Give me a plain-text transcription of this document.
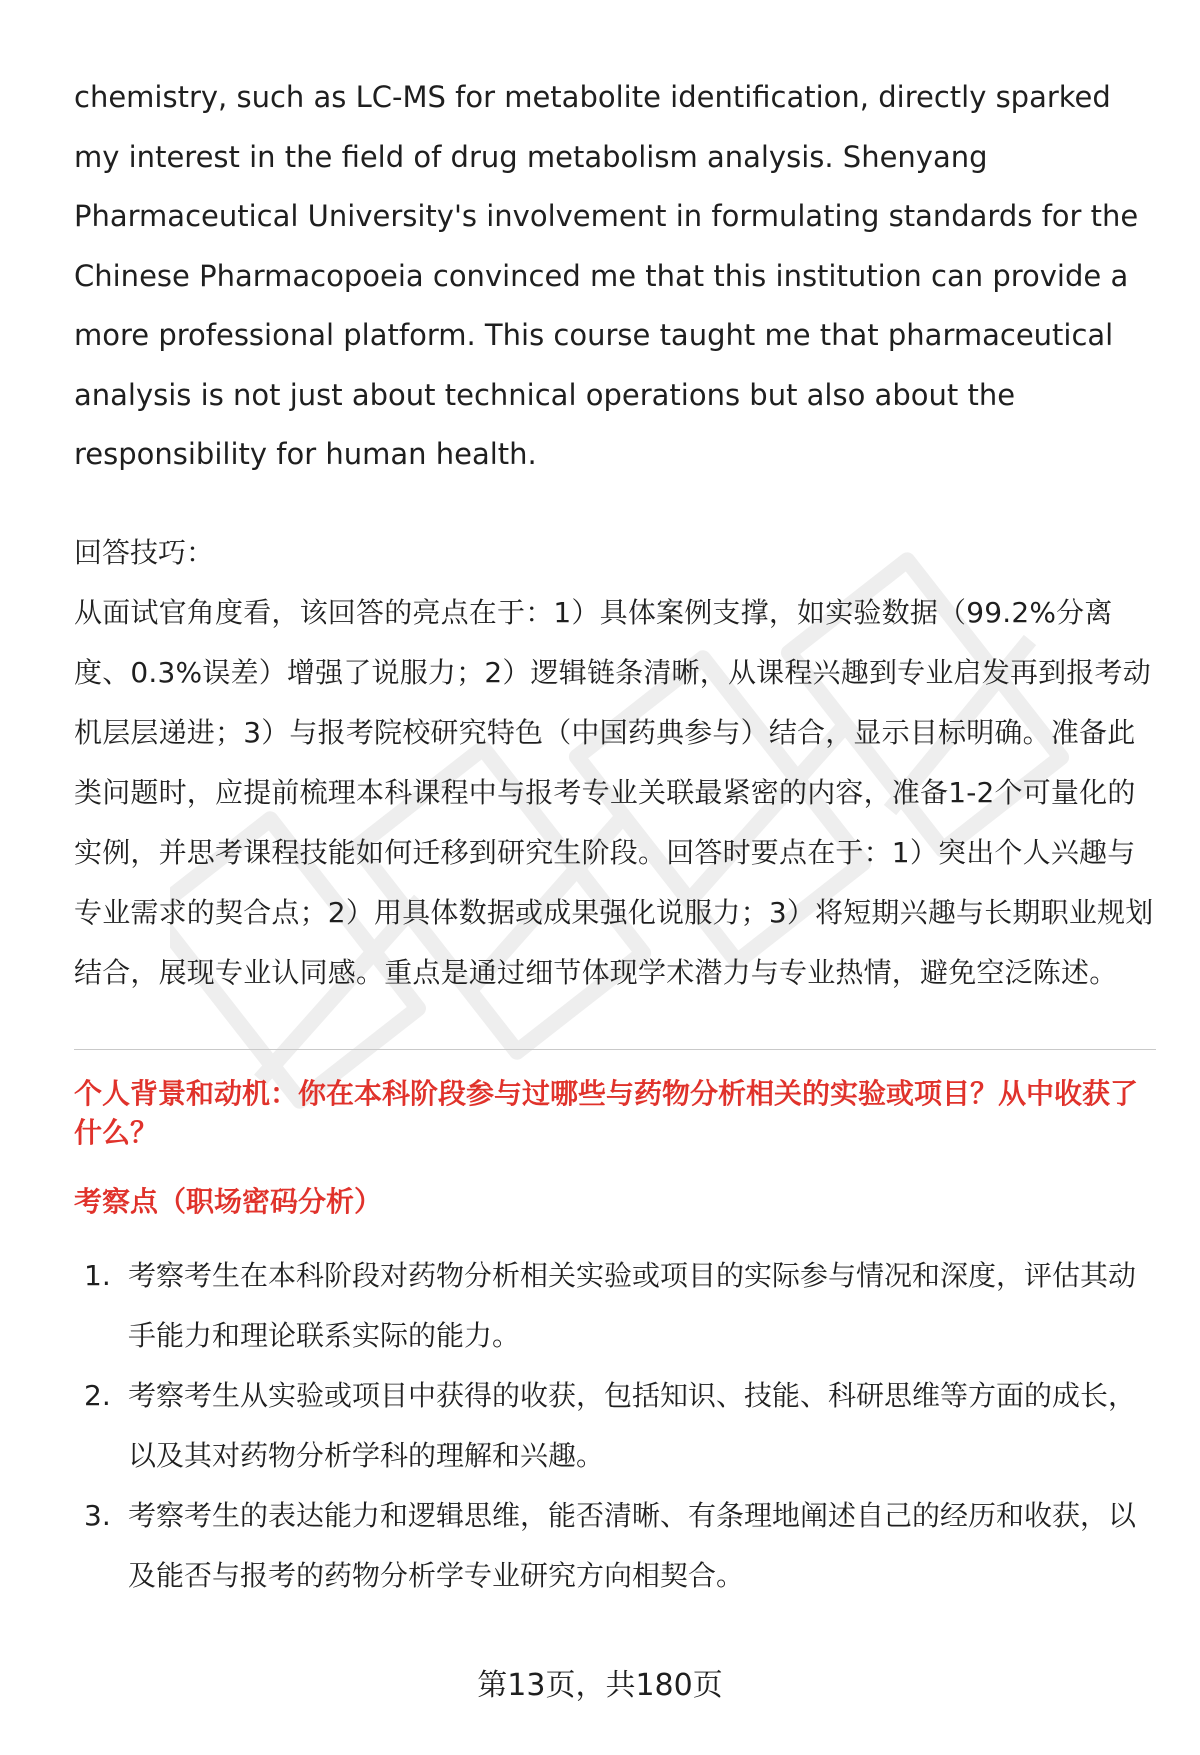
chemistry, such as LC-MS for metabolite identification, directly sparked my interest in the field of drug metabolism analysis. Shenyang Pharmaceutical University's involvement in formulating standards for the Chinese Pharmacopoeia convinced me that this institution can provide a more professional platform. This course taught me that pharmaceutical analysis is not just about technical operations but also about the responsibility for human health.

回答技巧：

从面试官角度看，该回答的亮点在于：1）具体案例支撑，如实验数据（99.2%分离度、0.3%误差）增强了说服力；2）逻辑链条清晰，从课程兴趣到专业启发再到报考动机层层递进；3）与报考院校研究特色（中国药典参与）结合，显示目标明确。准备此类问题时，应提前梳理本科课程中与报考专业关联最紧密的内容，准备1-2个可量化的实例，并思考课程技能如何迁移到研究生阶段。回答时要点在于：1）突出个人兴趣与专业需求的契合点；2）用具体数据或成果强化说服力；3）将短期兴趣与长期职业规划结合，展现专业认同感。重点是通过细节体现学术潜力与专业热情，避免空泛陈述。

个人背景和动机：你在本科阶段参与过哪些与药物分析相关的实验或项目？从中收获了什么？

考察点（职场密码分析）

1. 考察考生在本科阶段对药物分析相关实验或项目的实际参与情况和深度，评估其动手能力和理论联系实际的能力。
2. 考察考生从实验或项目中获得的收获，包括知识、技能、科研思维等方面的成长，以及其对药物分析学科的理解和兴趣。
3. 考察考生的表达能力和逻辑思维，能否清晰、有条理地阐述自己的经历和收获，以及能否与报考的药物分析学专业研究方向相契合。
第13页，共180页
